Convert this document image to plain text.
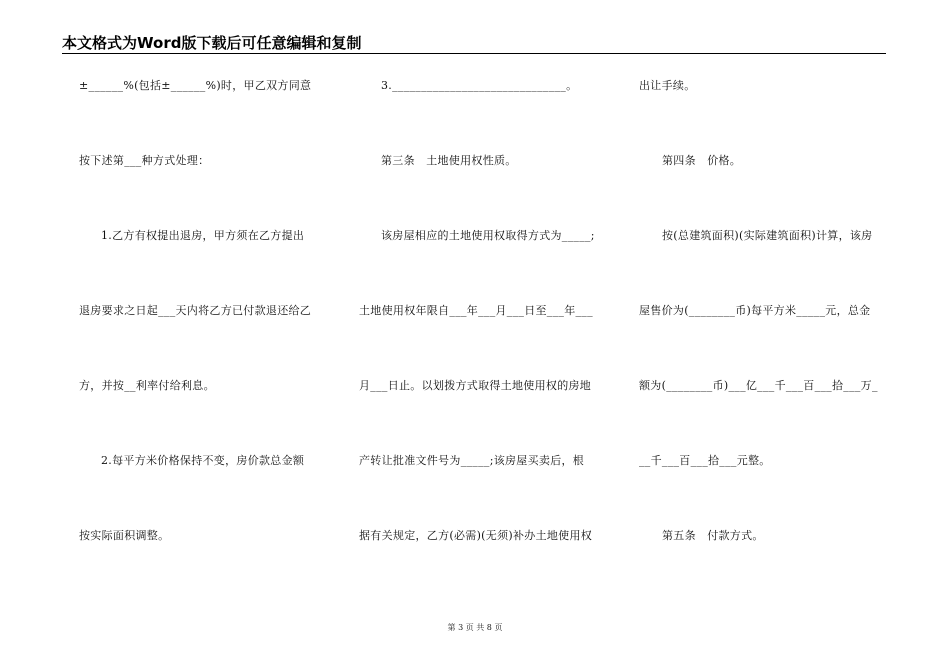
本文格式为Word版下载后可任意编辑和复制
±______%(包括±______%)时，甲乙双方同意
按下述第___种方式处理：
1.乙方有权提出退房，甲方须在乙方提出
退房要求之日起___天内将乙方已付款退还给乙
方，并按__利率付给利息。
2.每平方米价格保持不变，房价款总金额
按实际面积调整。
3.______________________________。
第三条　土地使用权性质。
该房屋相应的土地使用权取得方式为_____;
土地使用权年限自___年___月___日至___年___
月___日止。以划拨方式取得土地使用权的房地
产转让批准文件号为_____;该房屋买卖后，根
据有关规定，乙方(必需)(无须)补办土地使用权
出让手续。
第四条　价格。
按(总建筑面积)(实际建筑面积)计算，该房
屋售价为(________币)每平方米_____元，总金
额为(________币)___亿___千___百___拾___万_
__千___百___拾___元整。
第五条　付款方式。
第 3 页 共 8 页
